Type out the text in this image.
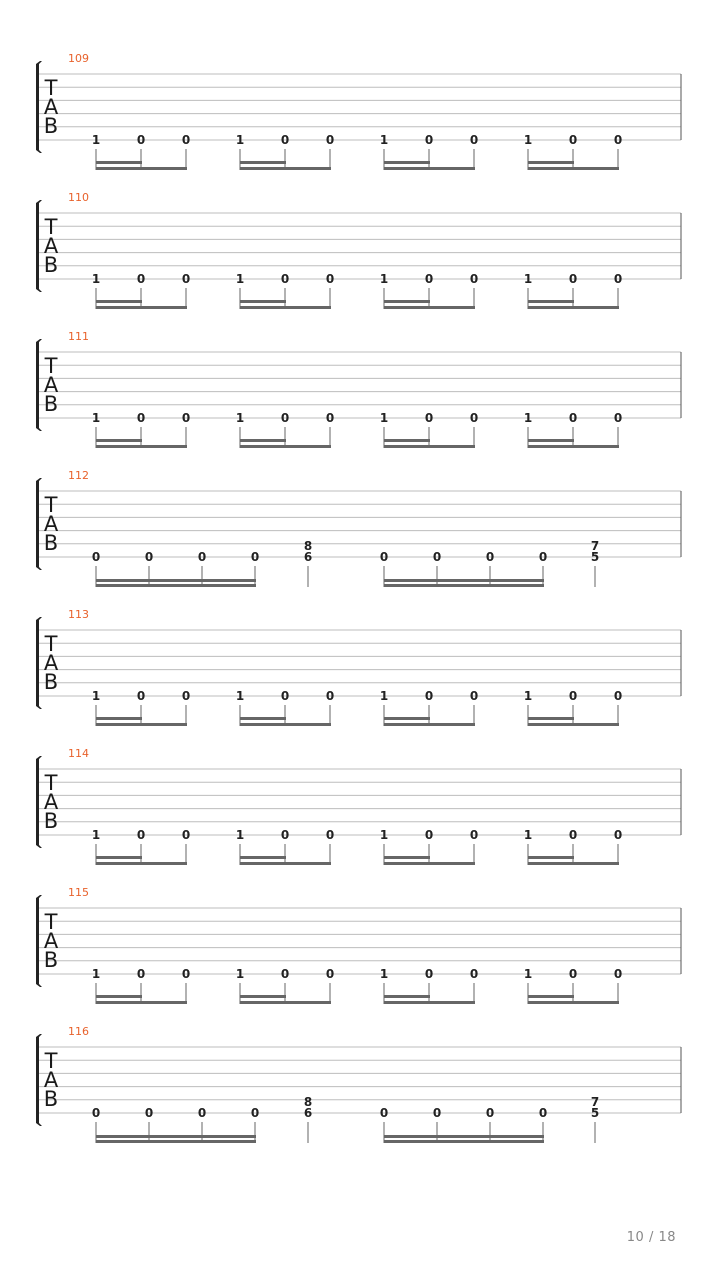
109
T
A
B
1	0	0	1	0	0	1	0	0	1	0	0
110
T
A
B
1	0	0	1	0	0	1	0	0	1	0	0
111
T
A
B
1	0	0	1	0	0	1	0	0	1	0	0
112
T
A
B
0	0	0	0
8
6	0	0	0	0
7
5
113
T
A
B
1	0	0	1	0	0	1	0	0	1	0	0
114
T
A
B
1	0	0	1	0	0	1	0	0	1	0	0
115
T
A
B
1	0	0	1	0	0	1	0	0	1	0	0
116
T
A
B
0	0	0	0
8
6	0	0	0	0
7
5
10 / 18
